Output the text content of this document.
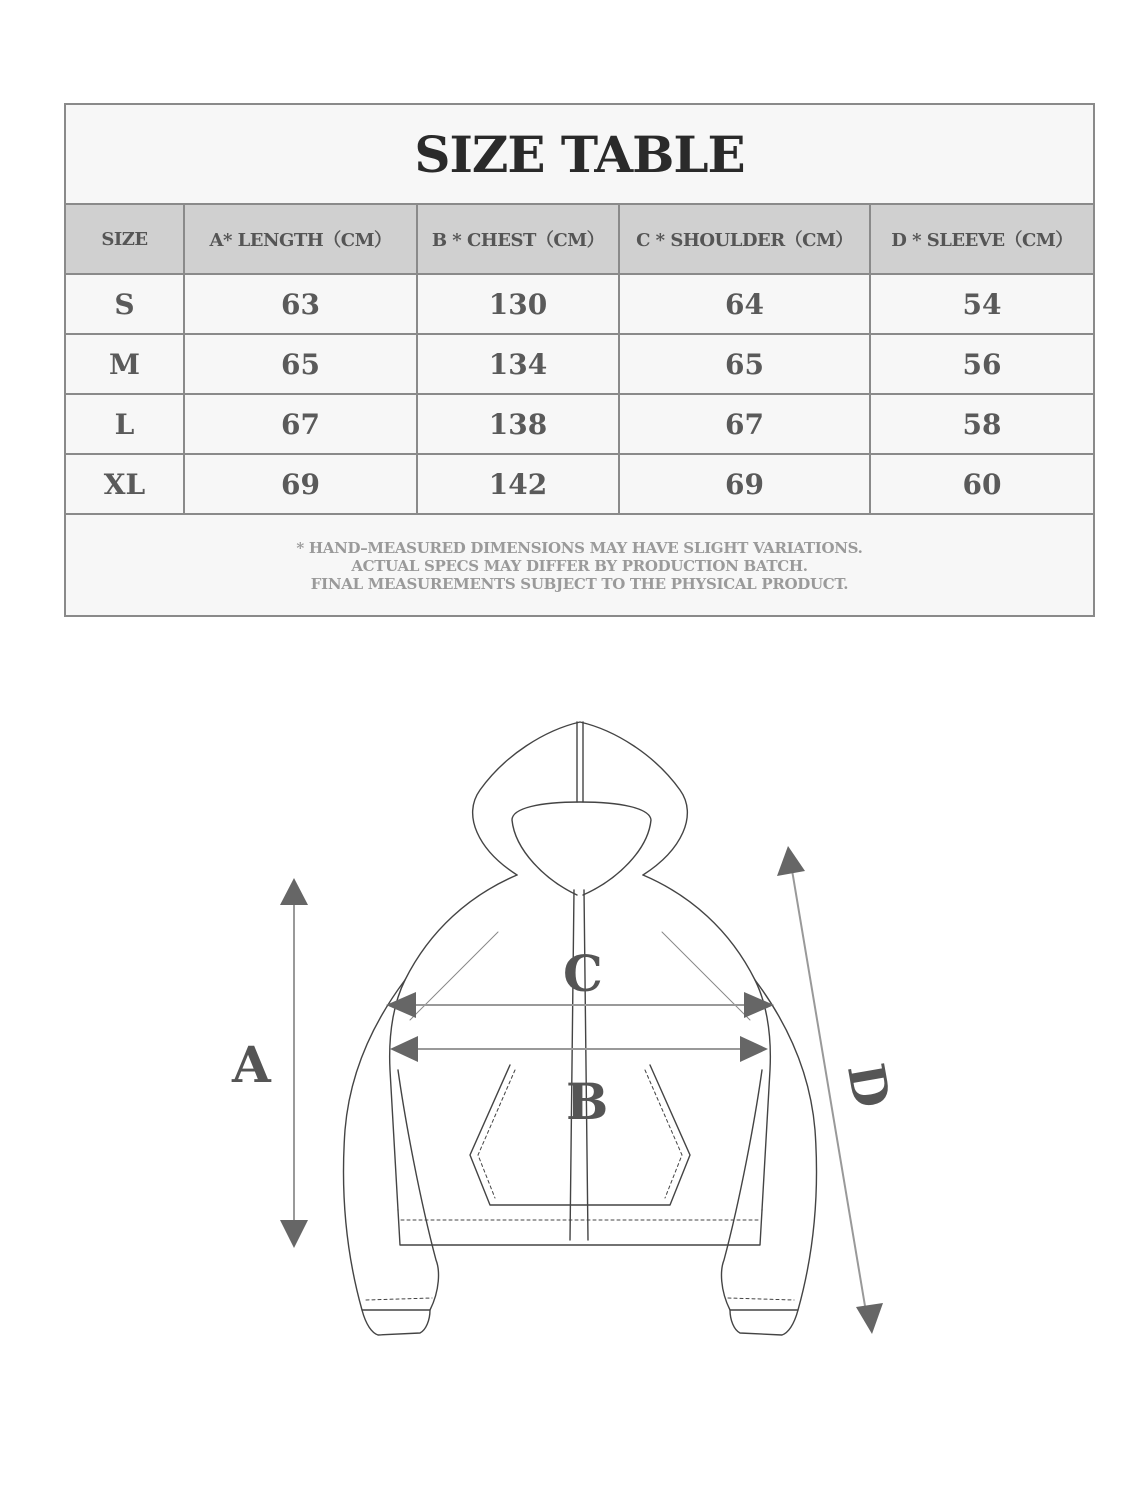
SIZE TABLE
SIZE	A* LENGTH（CM）	B * CHEST（CM）	C * SHOULDER（CM）	D * SLEEVE（CM）
S	63	130	64	54
M	65	134	65	56
L	67	138	67	58
XL	69	142	69	60
* HAND–MEASURED DIMENSIONS MAY HAVE SLIGHT VARIATIONS.
ACTUAL SPECS MAY DIFFER BY PRODUCTION BATCH.
FINAL MEASUREMENTS SUBJECT TO THE PHYSICAL PRODUCT.
A
C
B	D
